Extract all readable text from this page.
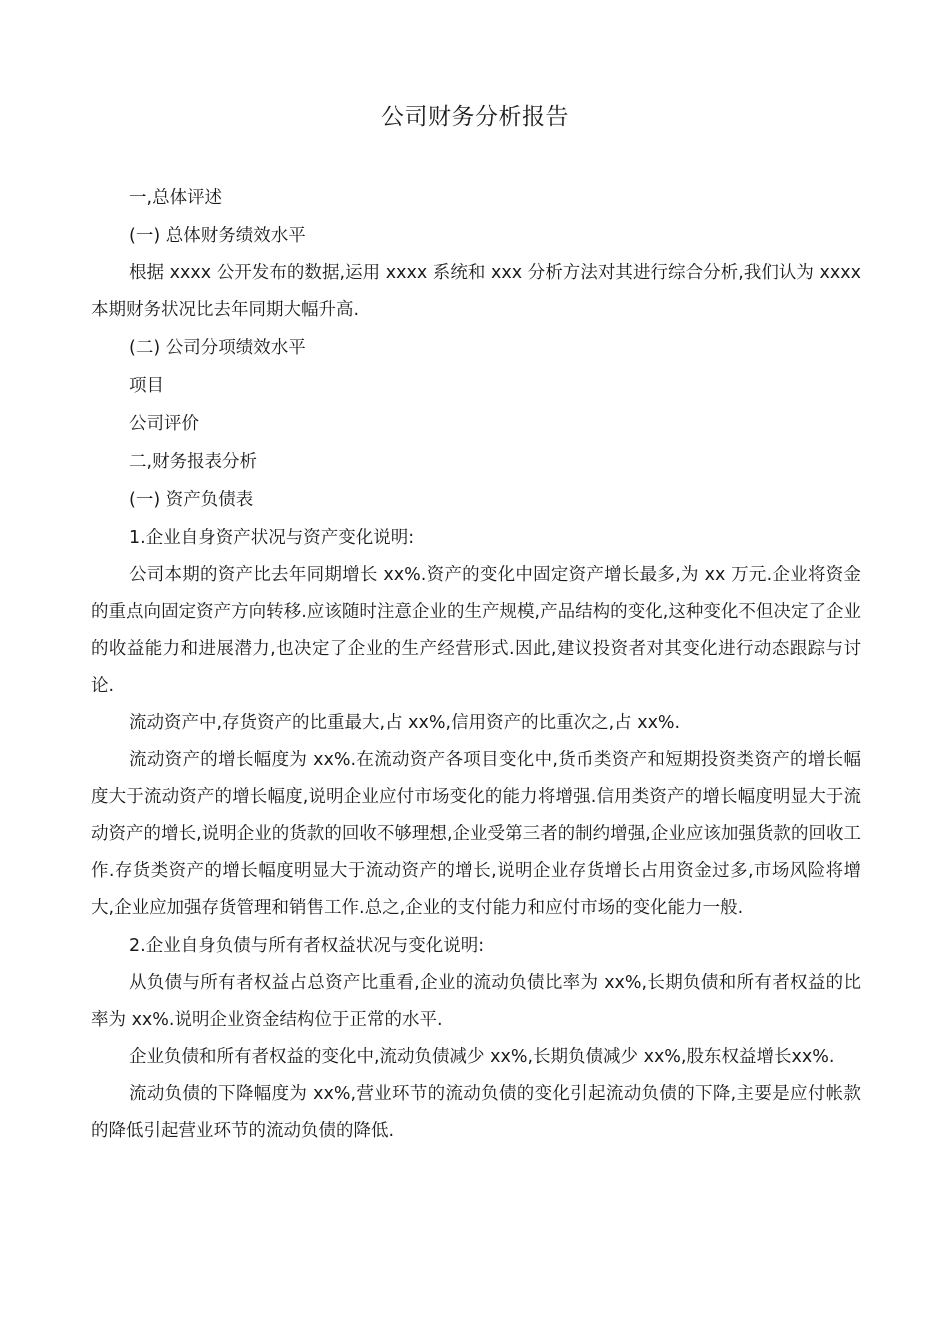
公司财务分析报告

一,总体评述

(一) 总体财务绩效水平

根据 xxxx 公开发布的数据,运用 xxxx 系统和 xxx 分析方法对其进行综合分析,我们认为 xxxx 本期财务状况比去年同期大幅升高.

(二) 公司分项绩效水平

项目

公司评价

二,财务报表分析

(一) 资产负债表

1.企业自身资产状况与资产变化说明:

公司本期的资产比去年同期增长 xx%.资产的变化中固定资产增长最多,为 xx 万元.企业将资金的重点向固定资产方向转移.应该随时注意企业的生产规模,产品结构的变化,这种变化不但决定了企业的收益能力和进展潜力,也决定了企业的生产经营形式.因此,建议投资者对其变化进行动态跟踪与讨论.

流动资产中,存货资产的比重最大,占 xx%,信用资产的比重次之,占 xx%.

流动资产的增长幅度为 xx%.在流动资产各项目变化中,货币类资产和短期投资类资产的增长幅度大于流动资产的增长幅度,说明企业应付市场变化的能力将增强.信用类资产的增长幅度明显大于流动资产的增长,说明企业的货款的回收不够理想,企业受第三者的制约增强,企业应该加强货款的回收工作.存货类资产的增长幅度明显大于流动资产的增长,说明企业存货增长占用资金过多,市场风险将增大,企业应加强存货管理和销售工作.总之,企业的支付能力和应付市场的变化能力一般.

2.企业自身负债与所有者权益状况与变化说明:

从负债与所有者权益占总资产比重看,企业的流动负债比率为 xx%,长期负债和所有者权益的比率为 xx%.说明企业资金结构位于正常的水平.

企业负债和所有者权益的变化中,流动负债减少 xx%,长期负债减少 xx%,股东权益增长xx%.

流动负债的下降幅度为 xx%,营业环节的流动负债的变化引起流动负债的下降,主要是应付帐款的降低引起营业环节的流动负债的降低.
